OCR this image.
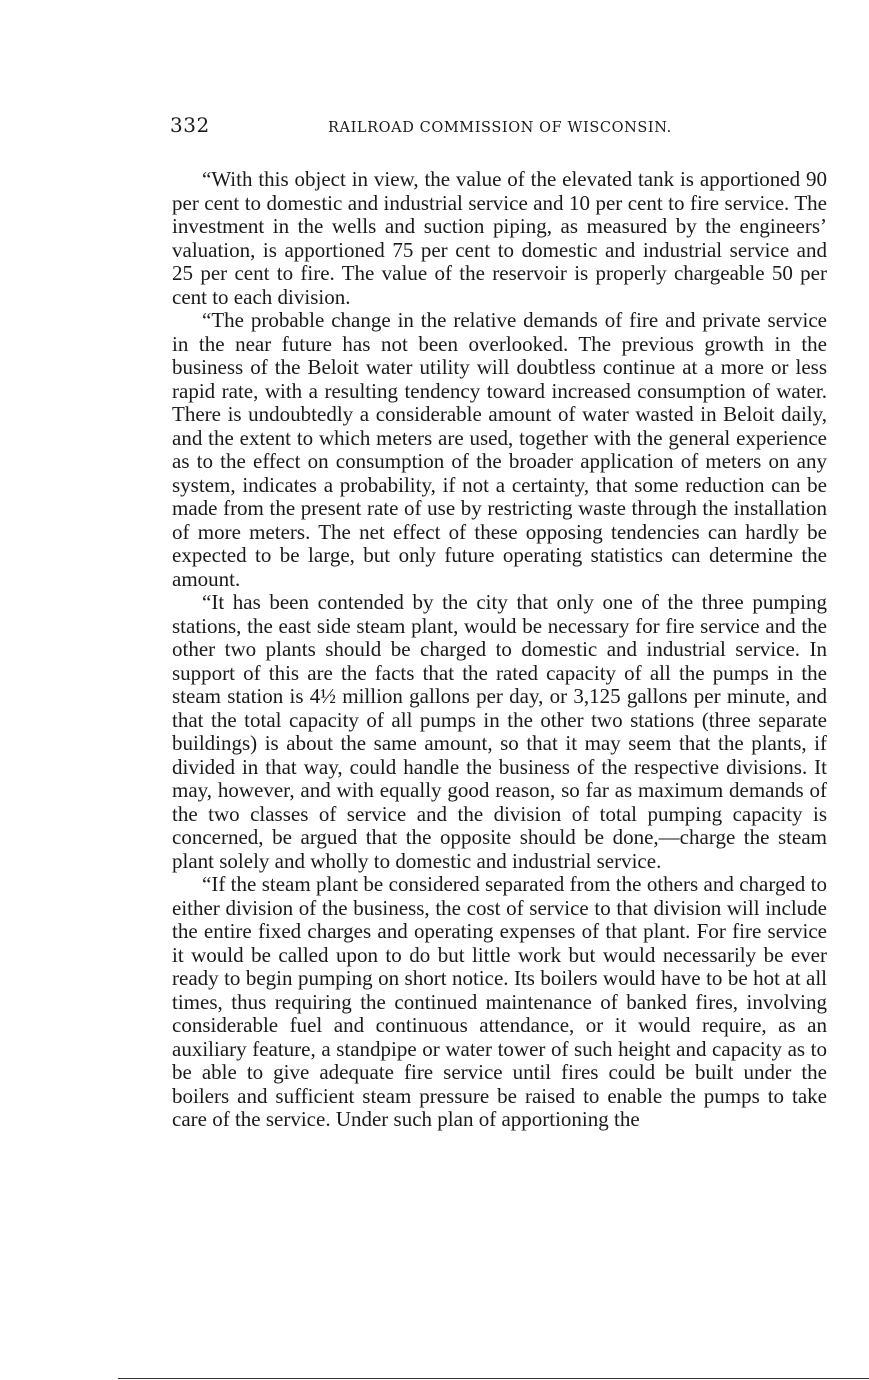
332	RAILROAD COMMISSION OF WISCONSIN.

“With this object in view, the value of the elevated tank is apportioned 90 per cent to domestic and industrial service and 10 per cent to fire service. The investment in the wells and suction piping, as measured by the engineers’ valuation, is apportioned 75 per cent to domestic and industrial service and 25 per cent to fire. The value of the reservoir is properly chargeable 50 per cent to each division.

“The probable change in the relative demands of fire and private service in the near future has not been overlooked. The previous growth in the business of the Beloit water utility will doubtless continue at a more or less rapid rate, with a resulting tendency toward increased consumption of water. There is undoubtedly a considerable amount of water wasted in Beloit daily, and the extent to which meters are used, together with the general experience as to the effect on consumption of the broader application of meters on any system, indicates a probability, if not a certainty, that some reduction can be made from the present rate of use by restricting waste through the installation of more meters. The net effect of these opposing tendencies can hardly be expected to be large, but only future operating statistics can determine the amount.

“It has been contended by the city that only one of the three pumping stations, the east side steam plant, would be necessary for fire service and the other two plants should be charged to domestic and industrial service. In support of this are the facts that the rated capacity of all the pumps in the steam station is 4½ million gallons per day, or 3,125 gallons per minute, and that the total capacity of all pumps in the other two stations (three separate buildings) is about the same amount, so that it may seem that the plants, if divided in that way, could handle the business of the respective divisions. It may, however, and with equally good reason, so far as maximum demands of the two classes of service and the division of total pumping capacity is concerned, be argued that the opposite should be done,—charge the steam plant solely and wholly to domestic and industrial service.

“If the steam plant be considered separated from the others and charged to either division of the business, the cost of service to that division will include the entire fixed charges and operating expenses of that plant. For fire service it would be called upon to do but little work but would necessarily be ever ready to begin pumping on short notice. Its boilers would have to be hot at all times, thus requiring the continued maintenance of banked fires, involving considerable fuel and continuous attendance, or it would require, as an auxiliary feature, a standpipe or water tower of such height and capacity as to be able to give adequate fire service until fires could be built under the boilers and sufficient steam pressure be raised to enable the pumps to take care of the service. Under such plan of apportioning the
